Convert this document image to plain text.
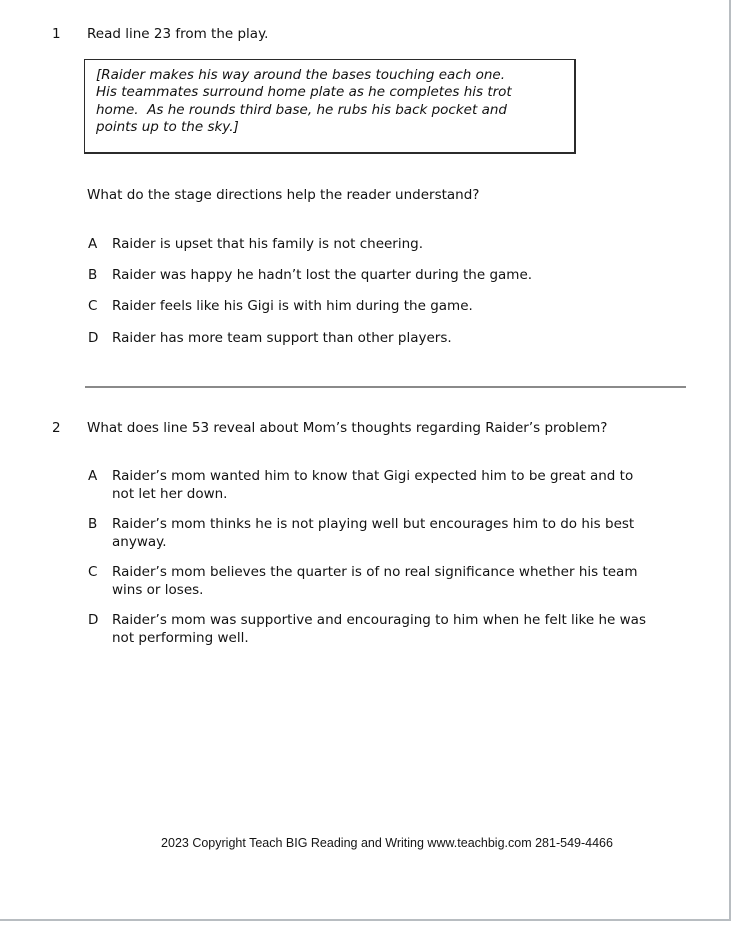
1 Read line 23 from the play.
[Raider makes his way around the bases touching each one.
His teammates surround home plate as he completes his trot
home.  As he rounds third base, he rubs his back pocket and
points up to the sky.]
What do the stage directions help the reader understand?
A	Raider is upset that his family is not cheering.
B	Raider was happy he hadn’t lost the quarter during the game.
C	Raider feels like his Gigi is with him during the game.
D	Raider has more team support than other players.
2 What does line 53 reveal about Mom’s thoughts regarding Raider’s problem?
A	Raider’s mom wanted him to know that Gigi expected him to be great and to
not let her down.
B	Raider’s mom thinks he is not playing well but encourages him to do his best
anyway.
C	Raider’s mom believes the quarter is of no real significance whether his team
wins or loses.
D	Raider’s mom was supportive and encouraging to him when he felt like he was
not performing well.
2023 Copyright Teach BIG Reading and Writing www.teachbig.com 281-549-4466
